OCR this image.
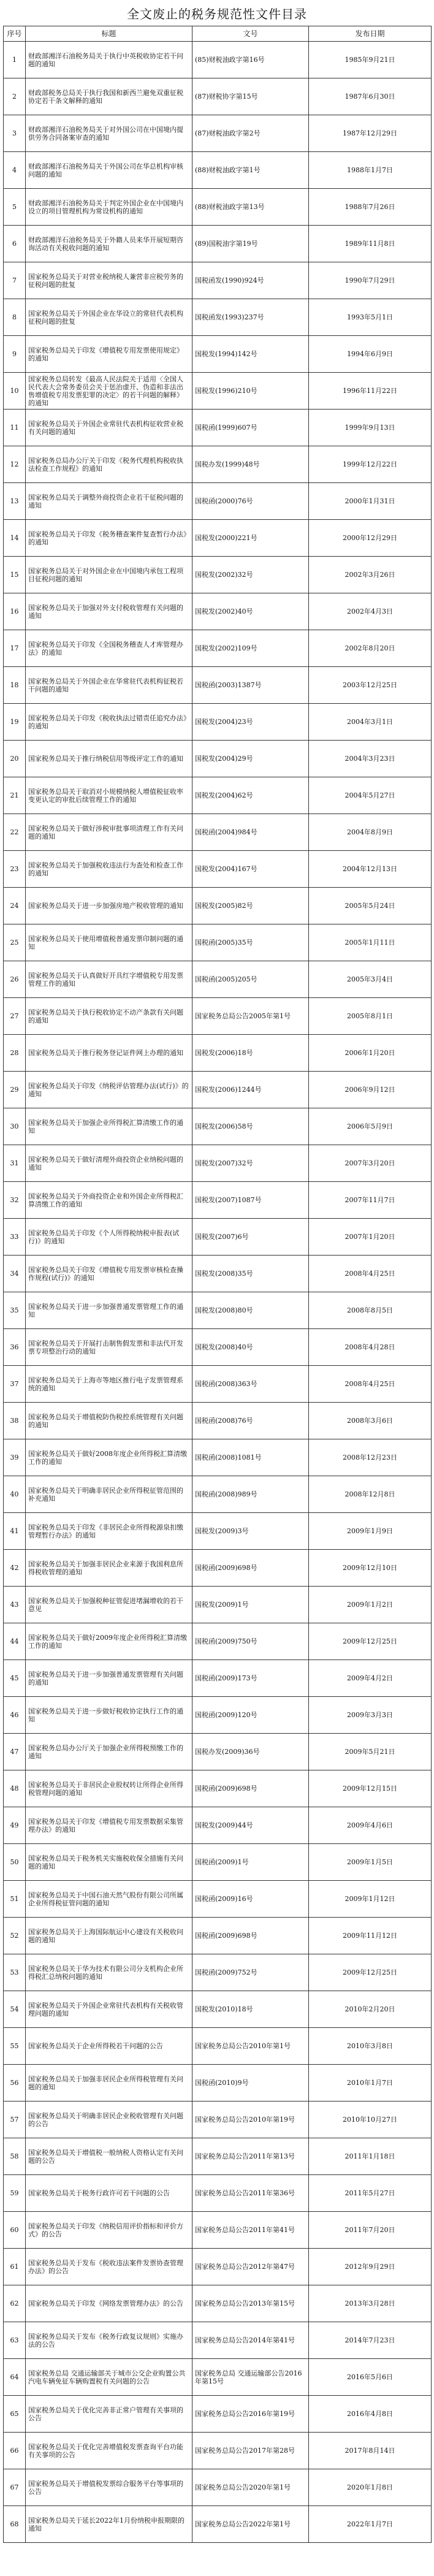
全文废止的税务规范性文件目录
序号	标题	文号	发布日期
1	财政部湘洋石油税务局关于执行中英税收协定若干问题的通知	(85)财税油政字第16号	1985年9月21日
2	财政部税务总局关于执行我国和新西兰避免双重征税协定若干条文解释的通知	(87)财税协字第15号	1987年6月30日
3	财政部湘洋石油税务局关于对外国公司在中国境内提供劳务合同备案审查的通知	(87)财税油政字第2号	1987年12月29日
4	财政部湘洋石油税务局关于外国公司在华总机构审核问题的通知	(88)财税油政字第1号	1988年1月7日
5	财政部湘洋石油税务局关于判定外国企业在中国境内设立的项目管理机构为常设机构的通知	(88)财税油政字第13号	1988年7月26日
6	财政部湘洋石油税务局关于外籍人员来华开展短期咨询活动有关税收问题的通知	(89)国税油字第19号	1989年11月8日
7	国家税务总局关于对营业税纳税人兼营非应税劳务的征税问题的批复	国税函发(1990)924号	1990年7月29日
8	国家税务总局关于外国企业在华设立的常驻代表机构征税问题的批复	国税函发(1993)237号	1993年5月1日
9	国家税务总局关于印发《增值税专用发票使用规定》的通知	国税发(1994)142号	1994年6月9日
10	国家税务总局转发《最高人民法院关于适用〈全国人民代表大会常务委员会关于惩治虚开、伪造和非法出售增值税专用发票犯罪的决定〉的若干问题的解释》的通知	国税发(1996)210号	1996年11月22日
11	国家税务总局关于外国企业常驻代表机构征收营业税有关问题的通知	国税函(1999)607号	1999年9月13日
12	国家税务总局办公厅关于印发《税务代理机构税收执法检查工作规程》的通知	国税办发(1999)48号	1999年12月22日
13	国家税务总局关于调整外商投资企业若干征税问题的通知	国税函(2000)76号	2000年1月31日
14	国家税务总局关于印发《税务稽查案件复查暂行办法》的通知	国税发(2000)221号	2000年12月29日
15	国家税务总局关于对外国企业在中国境内承包工程项目征税问题的通知	国税发(2002)32号	2002年3月26日
16	国家税务总局关于加强对外支付税收管理有关问题的通知	国税发(2002)40号	2002年4月3日
17	国家税务总局关于印发《全国税务稽查人才库管理办法》的通知	国税发(2002)109号	2002年8月20日
18	国家税务总局关于外国企业在华常驻代表机构征税若干问题的通知	国税函(2003)1387号	2003年12月25日
19	国家税务总局关于印发《税收执法过错责任追究办法》的通知	国税发(2004)23号	2004年3月1日
20	国家税务总局关于推行纳税信用等级评定工作的通知	国税发(2004)29号	2004年3月23日
21	国家税务总局关于取消对小规模纳税人增值税征收率变更认定的审批后续管理工作的通知	国税发(2004)62号	2004年5月27日
22	国家税务总局关于做好涉税审批事项清理工作有关问题的通知	国税函(2004)984号	2004年8月9日
23	国家税务总局关于加强税收违法行为查处和检查工作的通知	国税发(2004)167号	2004年12月13日
24	国家税务总局关于进一步加强房地产税收管理的通知	国税发(2005)82号	2005年5月24日
25	国家税务总局关于使用增值税普通发票印制问题的通知	国税函(2005)35号	2005年1月11日
26	国家税务总局关于认真做好开具红字增值税专用发票管理工作的通知	国税函(2005)205号	2005年3月4日
27	国家税务总局关于执行税收协定不动产条款有关问题的通知	国家税务总局公告2005年第1号	2005年8月1日
28	国家税务总局关于推行税务登记证件网上办理的通知	国税发(2006)18号	2006年1月20日
29	国家税务总局关于印发《纳税评估管理办法(试行)》的通知	国税发(2006)1244号	2006年9月12日
30	国家税务总局关于加强企业所得税汇算清缴工作的通知	国税发(2006)58号	2006年5月9日
31	国家税务总局关于做好清理外商投资企业纳税问题的通知	国税发(2007)32号	2007年3月20日
32	国家税务总局关于外商投资企业和外国企业所得税汇算清缴工作的通知	国税发(2007)1087号	2007年11月7日
33	国家税务总局关于印发《个人所得税纳税申报表(试行)》的通知	国税发(2007)6号	2007年1月20日
34	国家税务总局关于印发《增值税专用发票审核检查操作规程(试行)》的通知	国税发(2008)35号	2008年4月25日
35	国家税务总局关于进一步加强普通发票管理工作的通知	国税发(2008)80号	2008年8月5日
36	国家税务总局关于开展打击制售假发票和非法代开发票专项整治行动的通知	国税发(2008)40号	2008年4月28日
37	国家税务总局关于上海市等地区推行电子发票管理系统的通知	国税函(2008)363号	2008年4月25日
38	国家税务总局关于增值税防伪税控系统管理有关问题的通知	国税函(2008)76号	2008年3月6日
39	国家税务总局关于做好2008年度企业所得税汇算清缴工作的通知	国税函(2008)1081号	2008年12月23日
40	国家税务总局关于明确非居民企业所得税征管范围的补充通知	国税函(2008)989号	2008年12月8日
41	国家税务总局关于印发《非居民企业所得税源泉扣缴管理暂行办法》的通知	国税发(2009)3号	2009年1月9日
42	国家税务总局关于加强非居民企业来源于我国利息所得税收管理的通知	国税函(2009)698号	2009年12月10日
43	国家税务总局关于加强税种征管促进堵漏增收的若干意见	国税发(2009)1号	2009年1月2日
44	国家税务总局关于做好2009年度企业所得税汇算清缴工作的通知	国税函(2009)750号	2009年12月25日
45	国家税务总局关于进一步加强普通发票管理有关问题的通知	国税函(2009)173号	2009年4月2日
46	国家税务总局关于进一步做好税收协定执行工作的通知	国税函(2009)120号	2009年3月3日
47	国家税务总局办公厅关于加强企业所得税预缴工作的通知	国税办发(2009)36号	2009年5月21日
48	国家税务总局关于非居民企业股权转让所得企业所得税管理问题的通知	国税函(2009)698号	2009年12月15日
49	国家税务总局关于印发《增值税专用发票数据采集管理办法》的通知	国税发(2009)44号	2009年4月6日
50	国家税务总局关于税务机关实施税收保全措施有关问题的通知	国税函(2009)1号	2009年1月5日
51	国家税务总局关于中国石油天然气股份有限公司所属企业所得税征管问题的通知	国税函(2009)16号	2009年1月12日
52	国家税务总局关于上海国际航运中心建设有关税收问题的通知	国税函(2009)698号	2009年11月12日
53	国家税务总局关于华为技术有限公司分支机构企业所得税汇总纳税问题的通知	国税函(2009)752号	2009年12月25日
54	国家税务总局关于外国企业常驻代表机构有关税收管理问题的通知	国税发(2010)18号	2010年2月20日
55	国家税务总局关于企业所得税若干问题的公告	国家税务总局公告2010年第1号	2010年3月8日
56	国家税务总局关于加强非居民企业所得税管理有关问题的通知	国税函(2010)9号	2010年1月7日
57	国家税务总局关于明确非居民企业税收管理有关问题的公告	国家税务总局公告2010年第19号	2010年10月27日
58	国家税务总局关于增值税一般纳税人资格认定有关问题的公告	国家税务总局公告2011年第13号	2011年1月18日
59	国家税务总局关于税务行政许可若干问题的公告	国家税务总局公告2011年第36号	2011年5月27日
60	国家税务总局关于印发《纳税信用评价指标和评价方式》的公告	国家税务总局公告2011年第41号	2011年7月20日
61	国家税务总局关于发布《税收违法案件发票协查管理办法》的公告	国家税务总局公告2012年第47号	2012年9月29日
62	国家税务总局关于印发《网络发票管理办法》的公告	国家税务总局公告2013年第15号	2013年3月28日
63	国家税务总局关于发布《税务行政复议规则》实施办法的公告	国家税务总局公告2014年第41号	2014年7月23日
64	国家税务总局 交通运输部关于城市公交企业购置公共汽电车辆免征车辆购置税有关问题的公告	国家税务总局 交通运输部公告2016年第15号	2016年5月6日
65	国家税务总局关于优化完善非正常户管理有关事项的公告	国家税务总局公告2016年第19号	2016年4月8日
66	国家税务总局关于优化完善增值税发票查询平台功能有关事项的公告	国家税务总局公告2017年第28号	2017年8月14日
67	国家税务总局关于增值税发票综合服务平台等事项的公告	国家税务总局公告2020年第1号	2020年1月8日
68	国家税务总局关于延长2022年1月份纳税申报期限的通知	国家税务总局公告2022年第1号	2022年1月7日
